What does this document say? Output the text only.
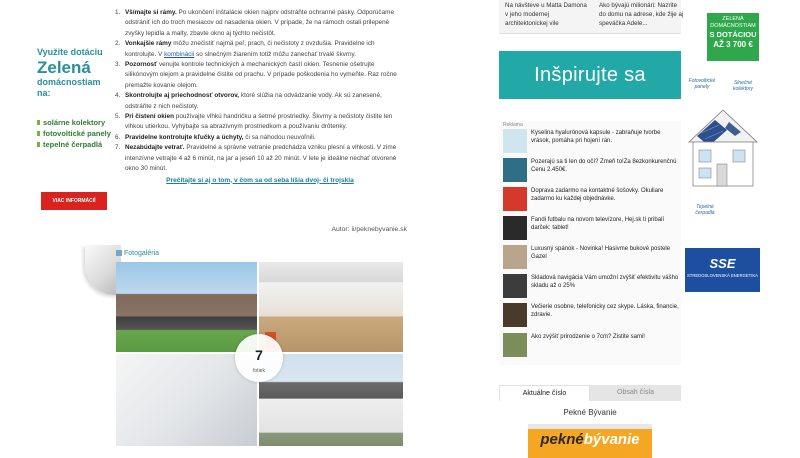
Využite dotáciu
Zelená
domácnostiam
na:
solárne kolektory
fotovoltické panely
tepelné čerpadlá
VIAC INFORMÁCIÍ
1. Všímajte si rámy. Po ukončení inštalácie okien najprv odstráňte ochranné pásky. Odporúčame odstrániť ich do troch mesiacov od nasadenia okien. V prípade, že na rámoch ostali prilepené zvyšky lepidla a malty, zbavte okno aj týchto nečistôt.
2. Vonkajšie rámy môžu znečistiť najmä peľ, prach, či nečistoty z ovzdušia. Pravidelne ich kontrolujte. V kombinácii so slnečným žiarením totiž môžu zanechať trvalé škvrny.
3. Pozornosť venujte kontrole technických a mechanických častí okien. Tesnenie ošetrujte silikónovým olejom a pravidelne čistite od prachu. V prípade poškodenia ho vymeňte. Raz ročne premažte kovanie olejom.
4. Skontrolujte aj priechodnosť otvorov, ktoré slúžia na odvádzanie vody. Ak sú zanesené, odstráňte z nich nečistoty.
5. Pri čistení okien používajte vlhkú handričku a šetrné prostriedky. Škvrny a nečistoty čistite len vlhkou utierkou. Vyhýbajte sa abrazívnym prostriedkom a používaniu drôtenky.
6. Pravidelne kontrolujte kľučky a úchyty, či sa náhodou neuvoľnili.
7. Nezabúdajte vetrať. Pravidelné a správne vetranie predchádza vzniku plesní a vlhkosti. V zime intenzívne vetrajte 4 až 6 minút, na jar a jeseň 10 až 20 minút. V lete je ideálne nechať otvorené okno 30 minút.
Prečítajte si aj o tom, v čom sa od seba líšia dvoj- či trojskla
Autor: ii/peknebyvanie.sk
Fotogaléria
7
fotiek
Na návšteve u Matta Damona v jeho modernej architektonickej vile
Ako bývajú milionári: Nazrite do domu na adrese, kde žije aj speváčka Adele...
Inšpirujte sa
Reklama
Kyselina hyalurónová kapsule - zabraňuje tvorbe vrások, pomáha pri hojení rán.
Pozerajú sa ti len do očí? Zmeň to!Za 8ezkonkurenčnú Cenu 2.450€.
Doprava zadarmo na kontaktné šošovky. Okuliare zadarmo ku každej objednávke.
Fandi futbalu na novom televízore, Hej.sk ti pribalí darček: tablet!
Luxusný spánok - Novinka! Hasivme bukové postele Gazel
Skladová navigácia Vám umožní zvýšiť efektivitu vášho skladu až o 25%
Večierie osobne, telefonicky cez skype. Láska, financie, zdravie.
Ako zvýšiť prirodzenie o 7cm? Zistite sami!
Aktuálne číslo	Obsah čísla
Pekné Bývanie
peknébývanie
ZELENÁ
DOMÁCNOSTIAM
S DOTÁCIOU
AŽ 3 700 €
Fotovoltické panely
Slnečné kolektory
Tepelné čerpadlá
SSE
STREDOSLOVENSKÁ ENERGETIKA
